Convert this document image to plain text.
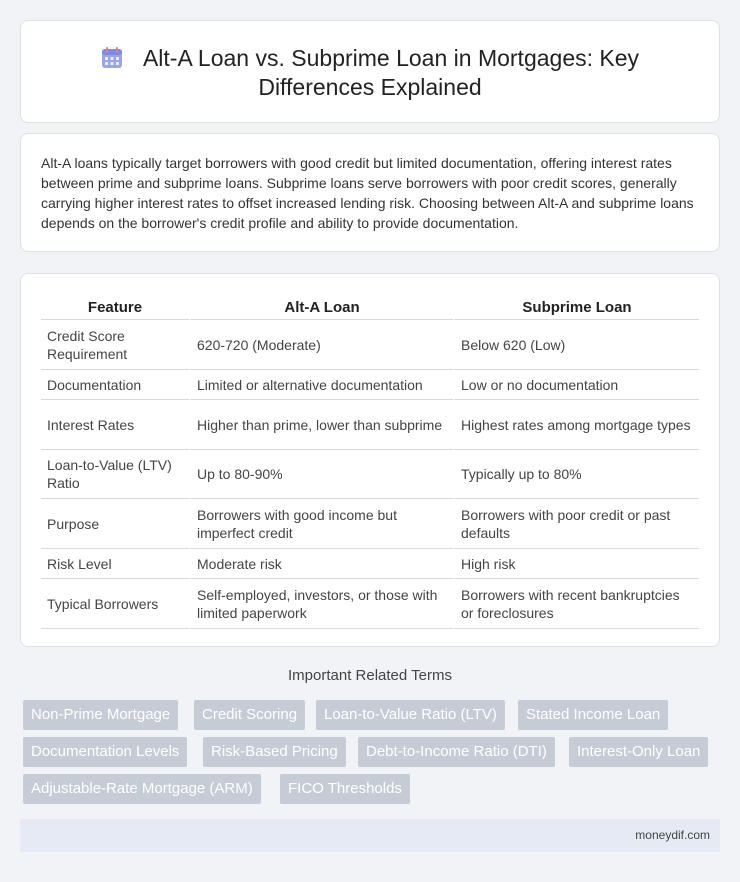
Alt-A Loan vs. Subprime Loan in Mortgages: Key
Differences Explained

Alt-A loans typically target borrowers with good credit but limited documentation, offering interest rates between prime and subprime loans. Subprime loans serve borrowers with poor credit scores, generally carrying higher interest rates to offset increased lending risk. Choosing between Alt-A and subprime loans depends on the borrower's credit profile and ability to provide documentation.

Feature	Alt-A Loan	Subprime Loan
Credit Score Requirement	620-720 (Moderate)	Below 620 (Low)
Documentation	Limited or alternative documentation	Low or no documentation
Interest Rates	Higher than prime, lower than subprime	Highest rates among mortgage types
Loan-to-Value (LTV) Ratio	Up to 80-90%	Typically up to 80%
Purpose	Borrowers with good income but imperfect credit	Borrowers with poor credit or past defaults
Risk Level	Moderate risk	High risk
Typical Borrowers	Self-employed, investors, or those with limited paperwork	Borrowers with recent bankruptcies or foreclosures
Important Related Terms
Non-Prime Mortgage	Credit Scoring	Loan-to-Value Ratio (LTV)	Stated Income Loan
Documentation Levels	Risk-Based Pricing	Debt-to-Income Ratio (DTI)	Interest-Only Loan
Adjustable-Rate Mortgage (ARM)	FICO Thresholds
moneydif.com
